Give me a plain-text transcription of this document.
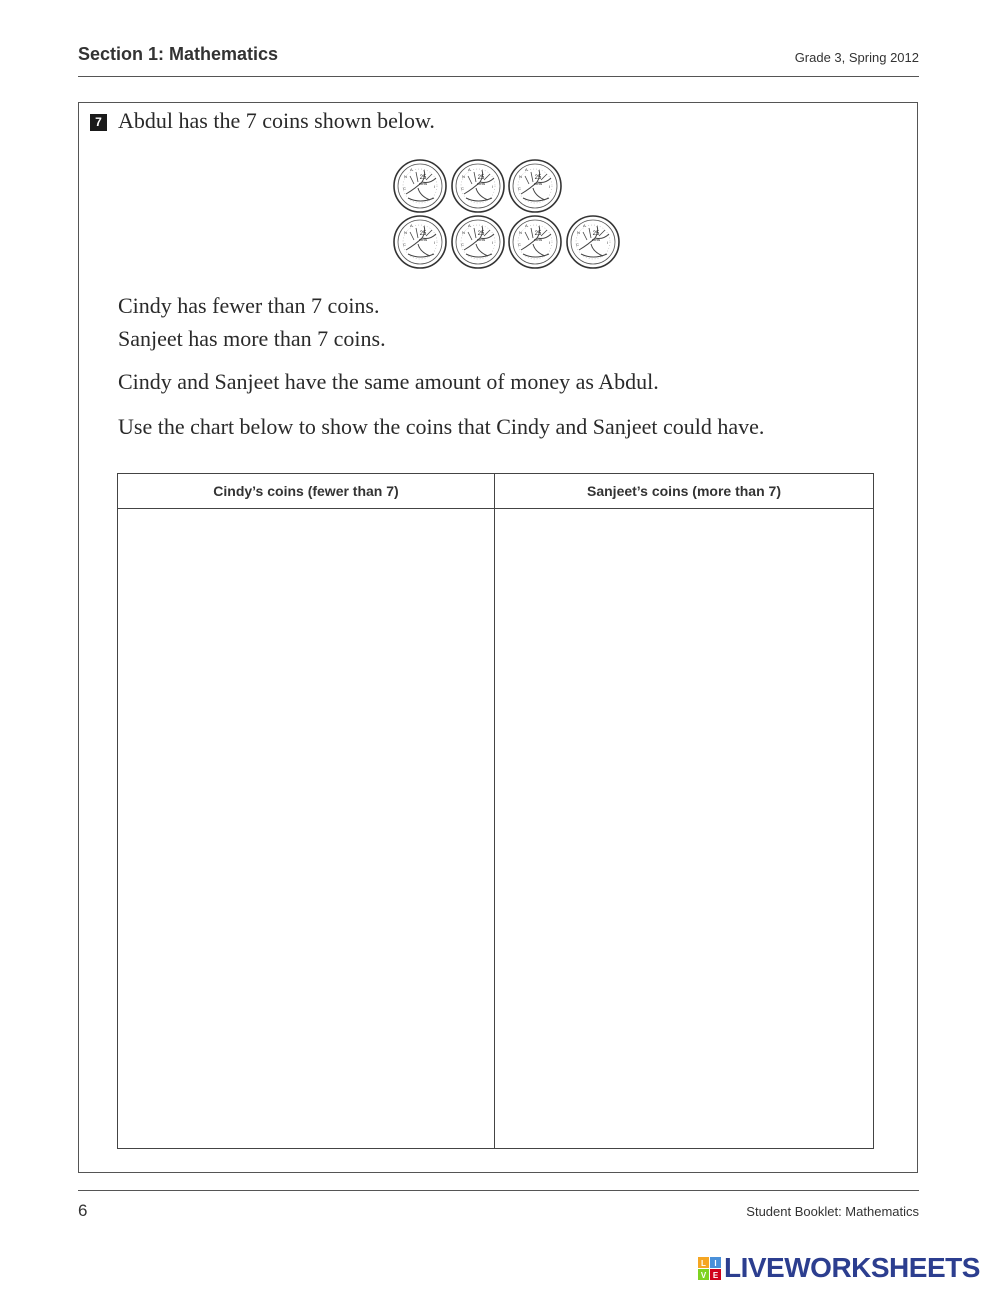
Section 1: Mathematics	Grade 3, Spring 2012
7 Abdul has the 7 coins shown below.
25
cents
C
N
A
I
Cindy has fewer than 7 coins.
Sanjeet has more than 7 coins.
Cindy and Sanjeet have the same amount of money as Abdul.
Use the chart below to show the coins that Cindy and Sanjeet could have.
Cindy’s coins (fewer than 7)	Sanjeet’s coins (more than 7)
6	Student Booklet: Mathematics
L I
V E LIVEWORKSHEETS
